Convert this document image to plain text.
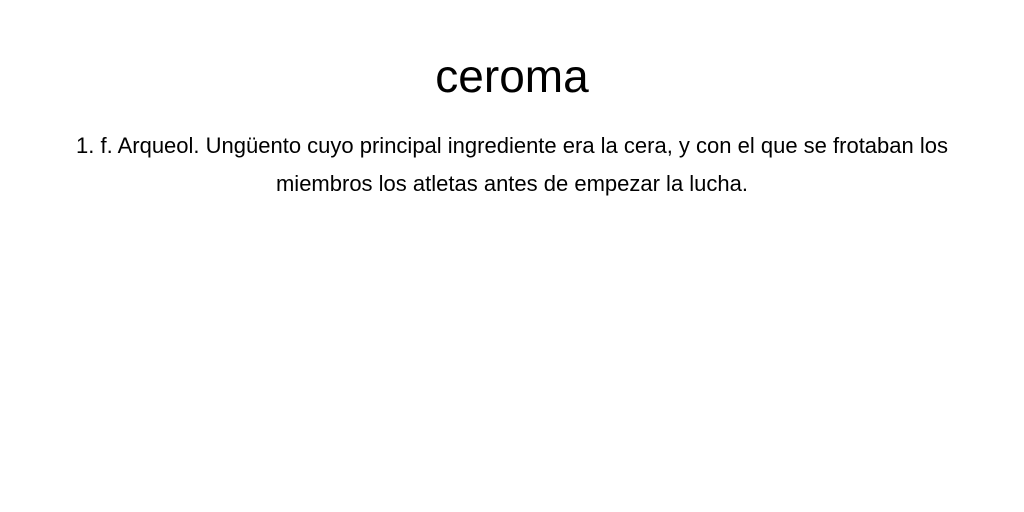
ceroma

1. f. Arqueol. Ungüento cuyo principal ingrediente era la cera, y con el que se frotaban los miembros los atletas antes de empezar la lucha.
